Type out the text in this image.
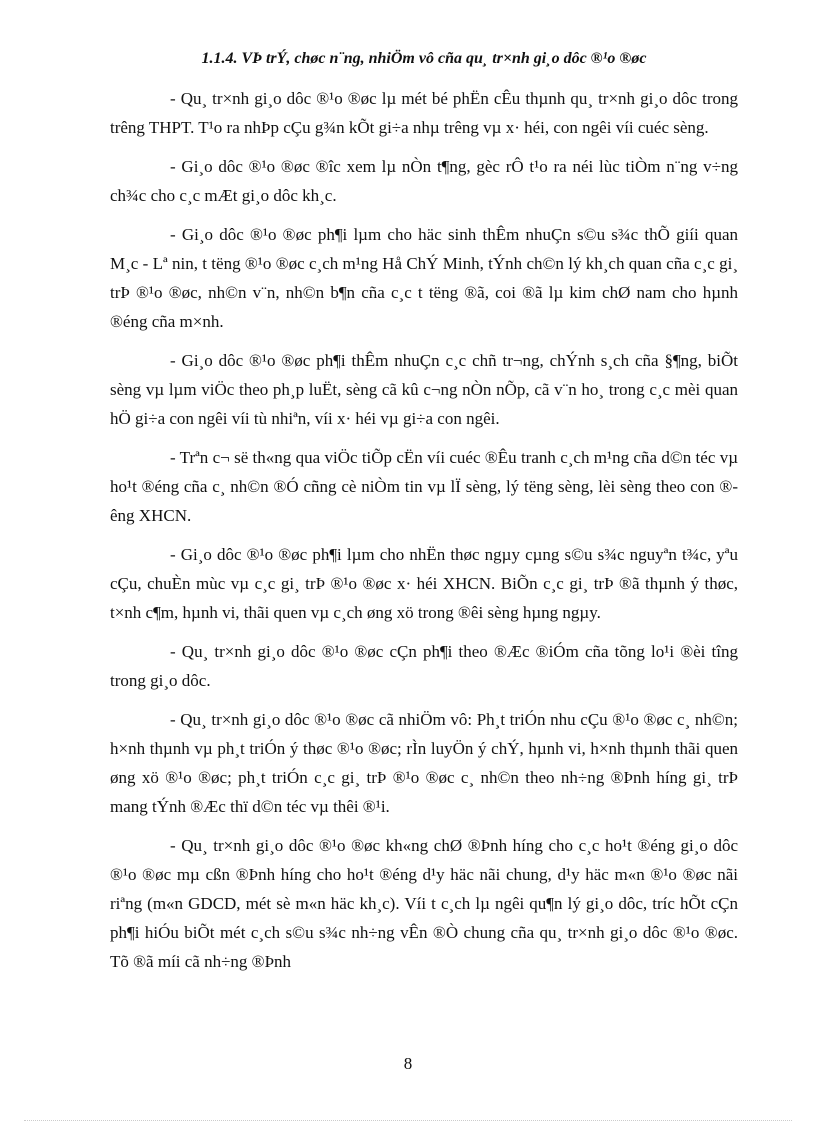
1.1.4. VÞ trÝ, chøc n¨ng, nhiÖm vô cña qu¸ tr×nh gi¸o dôc ®¹o ®øc

- Qu¸ tr×nh gi¸o dôc ®¹o ®øc lµ mét bé phËn cÊu thµnh qu¸ tr×nh gi¸o dôc trong trêng THPT. T¹o ra nhÞp cÇu g¾n kÕt gi÷a nhµ trêng vµ x· héi, con ngêi víi cuéc sèng.

- Gi¸o dôc ®¹o ®øc ®îc xem lµ nÒn t¶ng, gèc rÔ t¹o ra néi lùc tiÒm n¨ng v÷ng ch¾c cho c¸c mÆt gi¸o dôc kh¸c.

- Gi¸o dôc ®¹o ®øc ph¶i lµm cho häc sinh thÊm nhuÇn s©u s¾c thÕ giíi quan M¸c - Lª nin, t tëng ®¹o ®øc c¸ch m¹ng Hå ChÝ Minh, tÝnh ch©n lý kh¸ch quan cña c¸c gi¸ trÞ ®¹o ®øc, nh©n v¨n, nh©n b¶n cña c¸c t tëng ®ã, coi ®ã lµ kim chØ nam cho hµnh ®éng cña m×nh.

- Gi¸o dôc ®¹o ®øc ph¶i thÊm nhuÇn c¸c chñ tr¬ng, chÝnh s¸ch cña §¶ng, biÕt sèng vµ lµm viÖc theo ph¸p luËt, sèng cã kû c¬ng nÒn nÕp, cã v¨n ho¸ trong c¸c mèi quan hÖ gi÷a con ngêi víi tù nhiªn, víi x· héi vµ gi÷a con ngêi.

- Trªn c¬ së th«ng qua viÖc tiÕp cËn víi cuéc ®Êu tranh c¸ch m¹ng cña d©n téc vµ ho¹t ®éng cña c¸ nh©n ®Ó cñng cè niÒm tin vµ lÏ sèng, lý tëng sèng, lèi sèng theo con ®êng XHCN.

- Gi¸o dôc ®¹o ®øc ph¶i lµm cho nhËn thøc ngµy cµng s©u s¾c nguyªn t¾c, yªu cÇu, chuÈn mùc vµ c¸c gi¸ trÞ ®¹o ®øc x· héi XHCN. BiÕn c¸c gi¸ trÞ ®ã thµnh ý thøc, t×nh c¶m, hµnh vi, thãi quen vµ c¸ch øng xö trong ®êi sèng hµng ngµy.

- Qu¸ tr×nh gi¸o dôc ®¹o ®øc cÇn ph¶i theo ®Æc ®iÓm cña tõng lo¹i ®èi tîng trong gi¸o dôc.

- Qu¸ tr×nh gi¸o dôc ®¹o ®øc cã nhiÖm vô: Ph¸t triÓn nhu cÇu ®¹o ®øc c¸ nh©n; h×nh thµnh vµ ph¸t triÓn ý thøc ®¹o ®øc; rÌn luyÖn ý chÝ, hµnh vi, h×nh thµnh thãi quen øng xö ®¹o ®øc; ph¸t triÓn c¸c gi¸ trÞ ®¹o ®øc c¸ nh©n theo nh÷ng ®Þnh híng gi¸ trÞ mang tÝnh ®Æc thï d©n téc vµ thêi ®¹i.

- Qu¸ tr×nh gi¸o dôc ®¹o ®øc kh«ng chØ ®Þnh híng cho c¸c ho¹t ®éng gi¸o dôc ®¹o ®øc mµ cßn ®Þnh híng cho ho¹t ®éng d¹y häc nãi chung, d¹y häc m«n ®¹o ®øc nãi riªng (m«n GDCD, mét sè m«n häc kh¸c). Víi t c¸ch lµ ngêi qu¶n lý gi¸o dôc, tríc hÕt cÇn ph¶i hiÓu biÕt mét c¸ch s©u s¾c nh÷ng vÊn ®Ò chung cña qu¸ tr×nh gi¸o dôc ®¹o ®øc. Tõ ®ã míi cã nh÷ng ®Þnh

8
